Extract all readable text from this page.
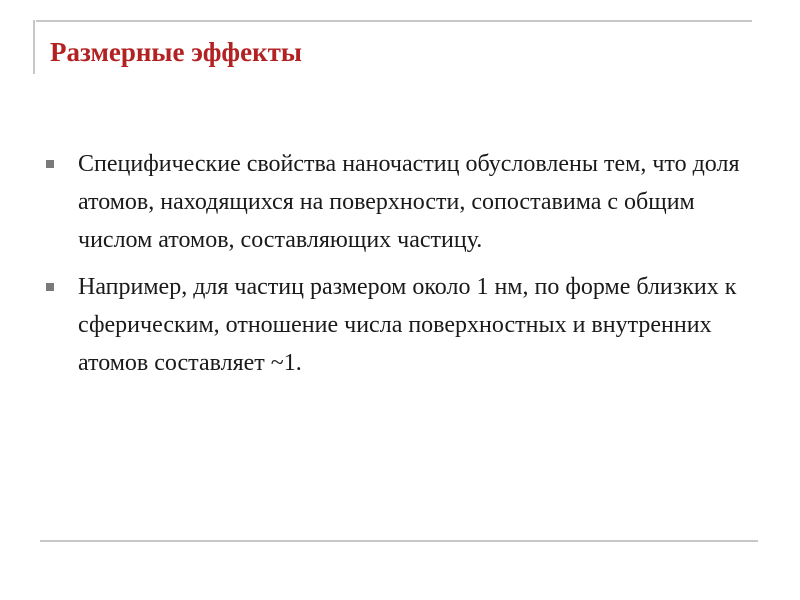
Размерные эффекты
Специфические свойства наночастиц обусловлены тем, что доля атомов, находящихся на поверхности, сопоставима с общим числом атомов, составляющих частицу.
Например, для частиц размером около 1 нм, по форме близких к сферическим, отношение числа поверхностных и внутренних атомов составляет ~1.
